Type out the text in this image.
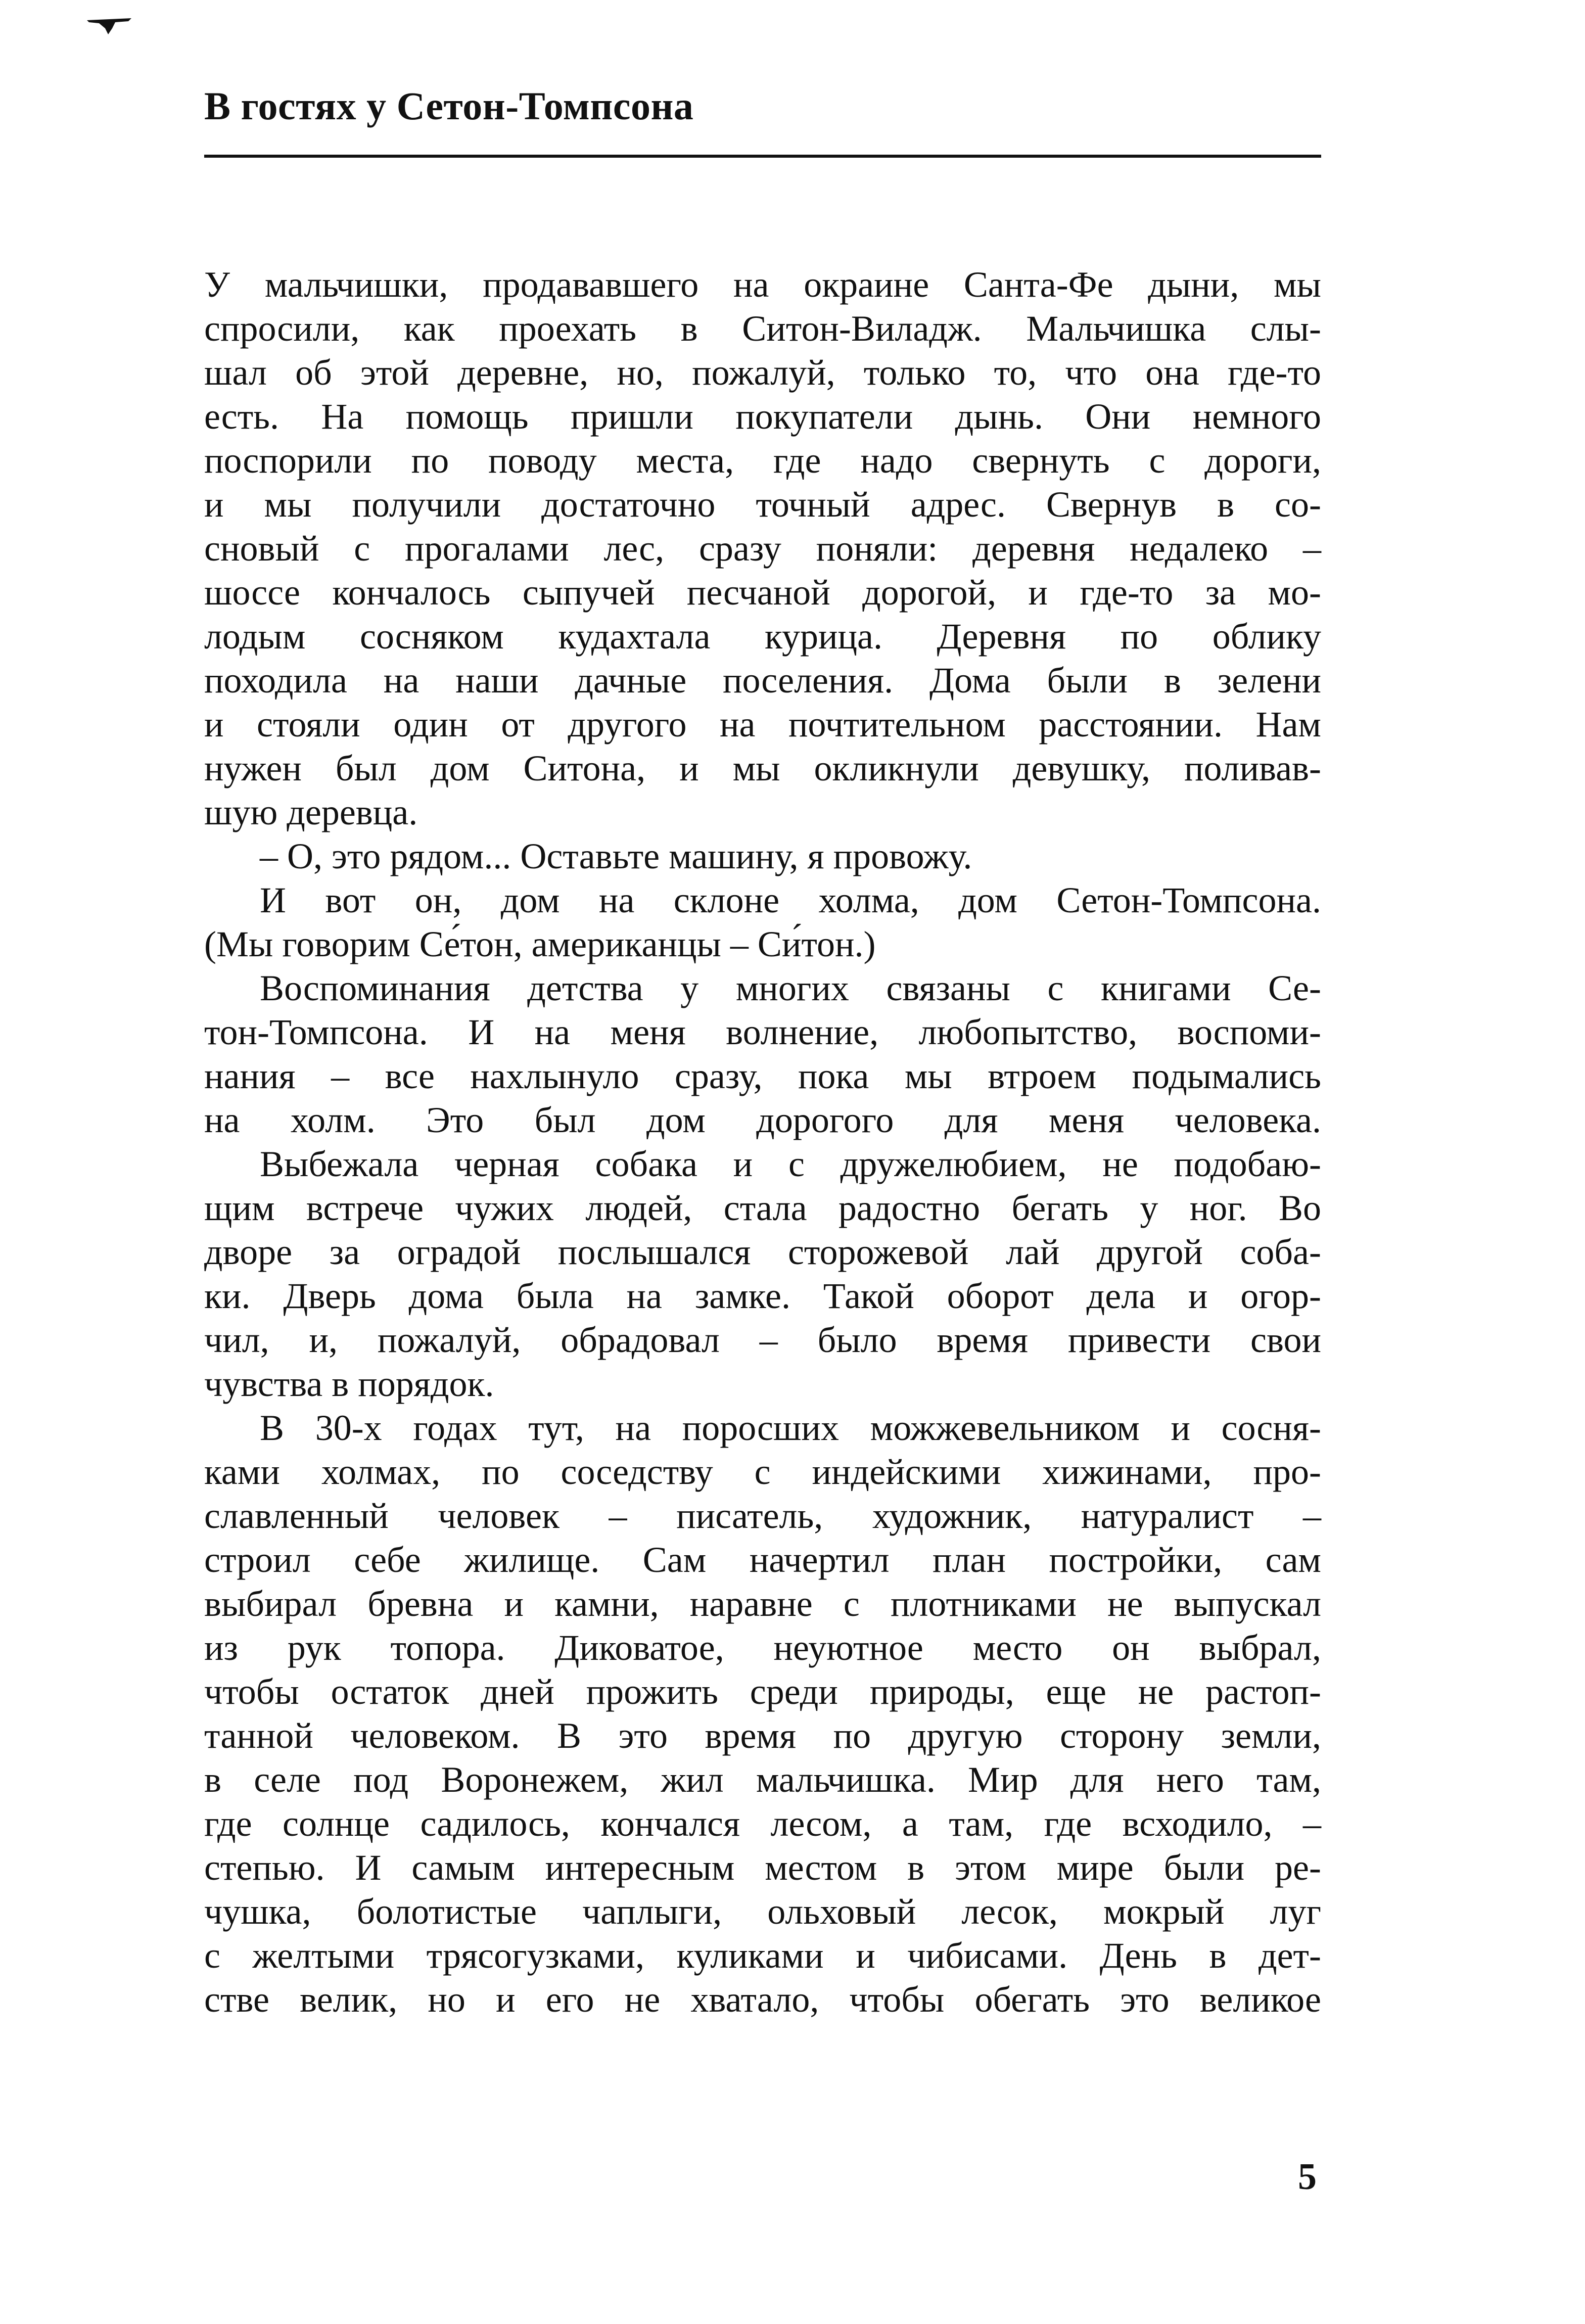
В гостях у Сетон-Томпсона
У мальчишки, продававшего на окраине Санта-Фе дыни, мы
спросили, как проехать в Ситон-Виладж. Мальчишка слы-
шал об этой деревне, но, пожалуй, только то, что она где-то
есть. На помощь пришли покупатели дынь. Они немного
поспорили по поводу места, где надо свернуть с дороги,
и мы получили достаточно точный адрес. Свернув в со-
сновый с прогалами лес, сразу поняли: деревня недалеко –
шоссе кончалось сыпучей песчаной дорогой, и где-то за мо-
лодым сосняком кудахтала курица. Деревня по облику
походила на наши дачные поселения. Дома были в зелени
и стояли один от другого на почтительном расстоянии. Нам
нужен был дом Ситона, и мы окликнули девушку, поливав-
шую деревца.
– О, это рядом... Оставьте машину, я провожу.
И вот он, дом на склоне холма, дом Сетон-Томпсона.
(Мы говорим Се́тон, американцы – Си́тон.)
Воспоминания детства у многих связаны с книгами Се-
тон-Томпсона. И на меня волнение, любопытство, воспоми-
нания – все нахлынуло сразу, пока мы втроем подымались
на холм. Это был дом дорогого для меня человека.
Выбежала черная собака и с дружелюбием, не подобаю-
щим встрече чужих людей, стала радостно бегать у ног. Во
дворе за оградой послышался сторожевой лай другой соба-
ки. Дверь дома была на замке. Такой оборот дела и огор-
чил, и, пожалуй, обрадовал – было время привести свои
чувства в порядок.
В 30-х годах тут, на поросших можжевельником и сосня-
ками холмах, по соседству с индейскими хижинами, про-
славленный человек – писатель, художник, натуралист –
строил себе жилище. Сам начертил план постройки, сам
выбирал бревна и камни, наравне с плотниками не выпускал
из рук топора. Диковатое, неуютное место он выбрал,
чтобы остаток дней прожить среди природы, еще не растоп-
танной человеком. В это время по другую сторону земли,
в селе под Воронежем, жил мальчишка. Мир для него там,
где солнце садилось, кончался лесом, а там, где всходило, –
степью. И самым интересным местом в этом мире были ре-
чушка, болотистые чаплыги, ольховый лесок, мокрый луг
с желтыми трясогузками, куликами и чибисами. День в дет-
стве велик, но и его не хватало, чтобы обегать это великое
5
